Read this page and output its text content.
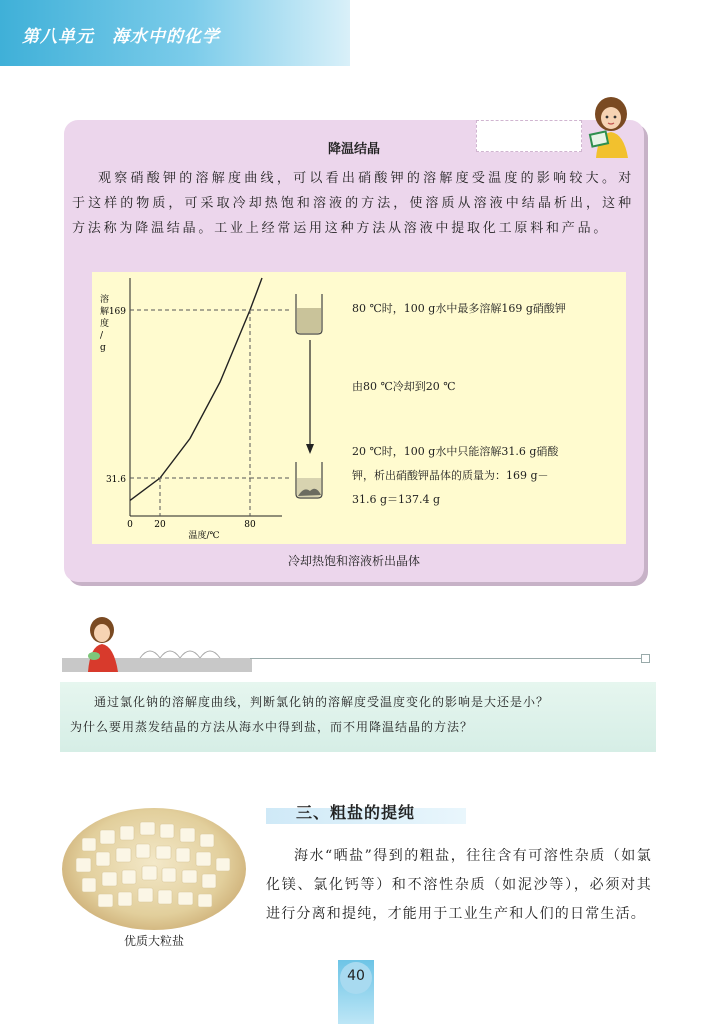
第八单元 海水中的化学
降温结晶
观察硝酸钾的溶解度曲线，可以看出硝酸钾的溶解度受温度的影响较大。对于这样的物质，可采取冷却热饱和溶液的方法，使溶质从溶液中结晶析出，这种方法称为降温结晶。工业上经常运用这种方法从溶液中提取化工原料和产品。
169
31.6
0 20	80
温度/℃
溶解度/ g
80 ℃时，100 g水中最多溶解169 g硝酸钾
由80 ℃冷却到20 ℃
20 ℃时，100 g水中只能溶解31.6 g硝酸
钾，析出硝酸钾晶体的质量为：169 g－
31.6 g＝137.4 g
冷却热饱和溶液析出晶体
通过氯化钠的溶解度曲线，判断氯化钠的溶解度受温度变化的影响是大还是小？
为什么要用蒸发结晶的方法从海水中得到盐，而不用降温结晶的方法？
优质大粒盐
三、粗盐的提纯
海水“晒盐”得到的粗盐，往往含有可溶性杂质（如氯化镁、氯化钙等）和不溶性杂质（如泥沙等），必须对其进行分离和提纯，才能用于工业生产和人们的日常生活。
40
